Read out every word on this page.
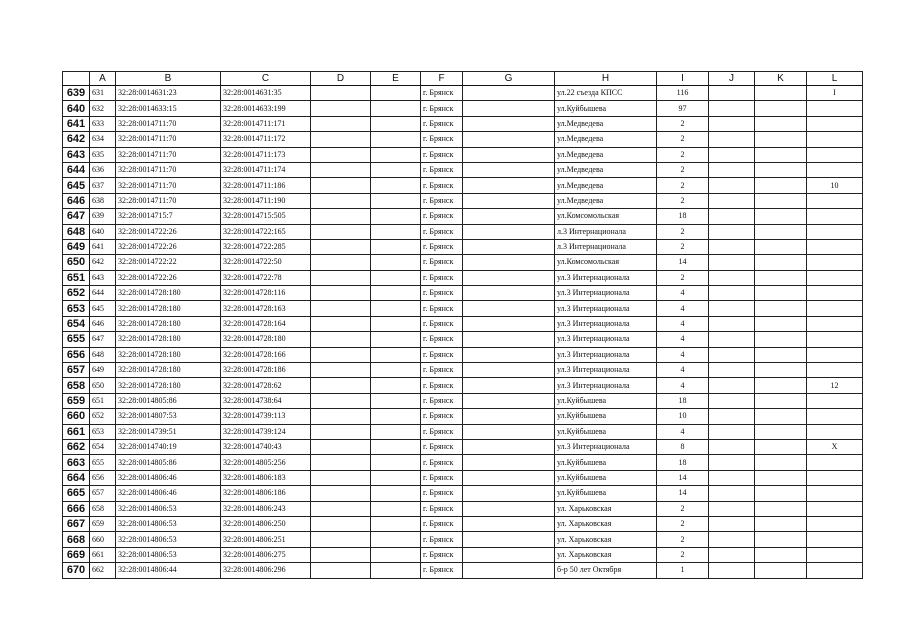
	A	B	C	D	E	F	G	H	I	J	K	L
639	631	32:28:0014631:23	32:28:0014631:35			г. Брянск		ул.22 съезда КПСС	116			I
640	632	32:28:0014633:15	32:28:0014633:199			г. Брянск		ул.Куйбышева	97			
641	633	32:28:0014711:70	32:28:0014711:171			г. Брянск		ул.Медведева	2			
642	634	32:28:0014711:70	32:28:0014711:172			г. Брянск		ул.Медведева	2			
643	635	32:28:0014711:70	32:28:0014711:173			г. Брянск		ул.Медведева	2			
644	636	32:28:0014711:70	32:28:0014711:174			г. Брянск		ул.Медведева	2			
645	637	32:28:0014711:70	32:28:0014711:186			г. Брянск		ул.Медведева	2			10
646	638	32:28:0014711:70	32:28:0014711:190			г. Брянск		ул.Медведева	2			
647	639	32:28:0014715:7	32:28:0014715:505			г. Брянск		ул.Комсомольская	18			
648	640	32:28:0014722:26	32:28:0014722:165			г. Брянск		л.3 Интернационала	2			
649	641	32:28:0014722:26	32:28:0014722:285			г. Брянск		л.3 Интернационала	2			
650	642	32:28:0014722:22	32:28:0014722:50			г. Брянск		ул.Комсомольская	14			
651	643	32:28:0014722:26	32:28:0014722:78			г. Брянск		ул.3 Интернационала	2			
652	644	32:28:0014728:180	32:28:0014728:116			г. Брянск		ул.3 Интернационала	4			
653	645	32:28:0014728:180	32:28:0014728:163			г. Брянск		ул.3 Интернационала	4			
654	646	32:28:0014728:180	32:28:0014728:164			г. Брянск		ул.3 Интернационала	4			
655	647	32:28:0014728:180	32:28:0014728:180			г. Брянск		ул.3 Интернационала	4			
656	648	32:28:0014728:180	32:28:0014728:166			г. Брянск		ул.3 Интернационала	4			
657	649	32:28:0014728:180	32:28:0014728:186			г. Брянск		ул.3 Интернационала	4			
658	650	32:28:0014728:180	32:28:0014728:62			г. Брянск		ул.3 Интернационала	4			12
659	651	32:28:0014805:86	32:28:0014738:64			г. Брянск		ул.Куйбышева	18			
660	652	32:28:0014807:53	32:28:0014739:113			г. Брянск		ул.Куйбышева	10			
661	653	32:28:0014739:51	32:28:0014739:124			г. Брянск		ул.Куйбышева	4			
662	654	32:28:0014740:19	32:28:0014740:43			г. Брянск		ул.3 Интернационала	8			X
663	655	32:28:0014805:86	32:28:0014805:256			г. Брянск		ул.Куйбышева	18			
664	656	32:28:0014806:46	32:28:0014806:183			г. Брянск		ул.Куйбышева	14			
665	657	32:28:0014806:46	32:28:0014806:186			г. Брянск		ул.Куйбышева	14			
666	658	32:28:0014806:53	32:28:0014806:243			г. Брянск		ул. Харьковская	2			
667	659	32:28:0014806:53	32:28:0014806:250			г. Брянск		ул. Харьковская	2			
668	660	32:28:0014806:53	32:28:0014806:251			г. Брянск		ул. Харьковская	2			
669	661	32:28:0014806:53	32:28:0014806:275			г. Брянск		ул. Харьковская	2			
670	662	32:28:0014806:44	32:28:0014806:296			г. Брянск		б-р 50 лет Октября	1			
